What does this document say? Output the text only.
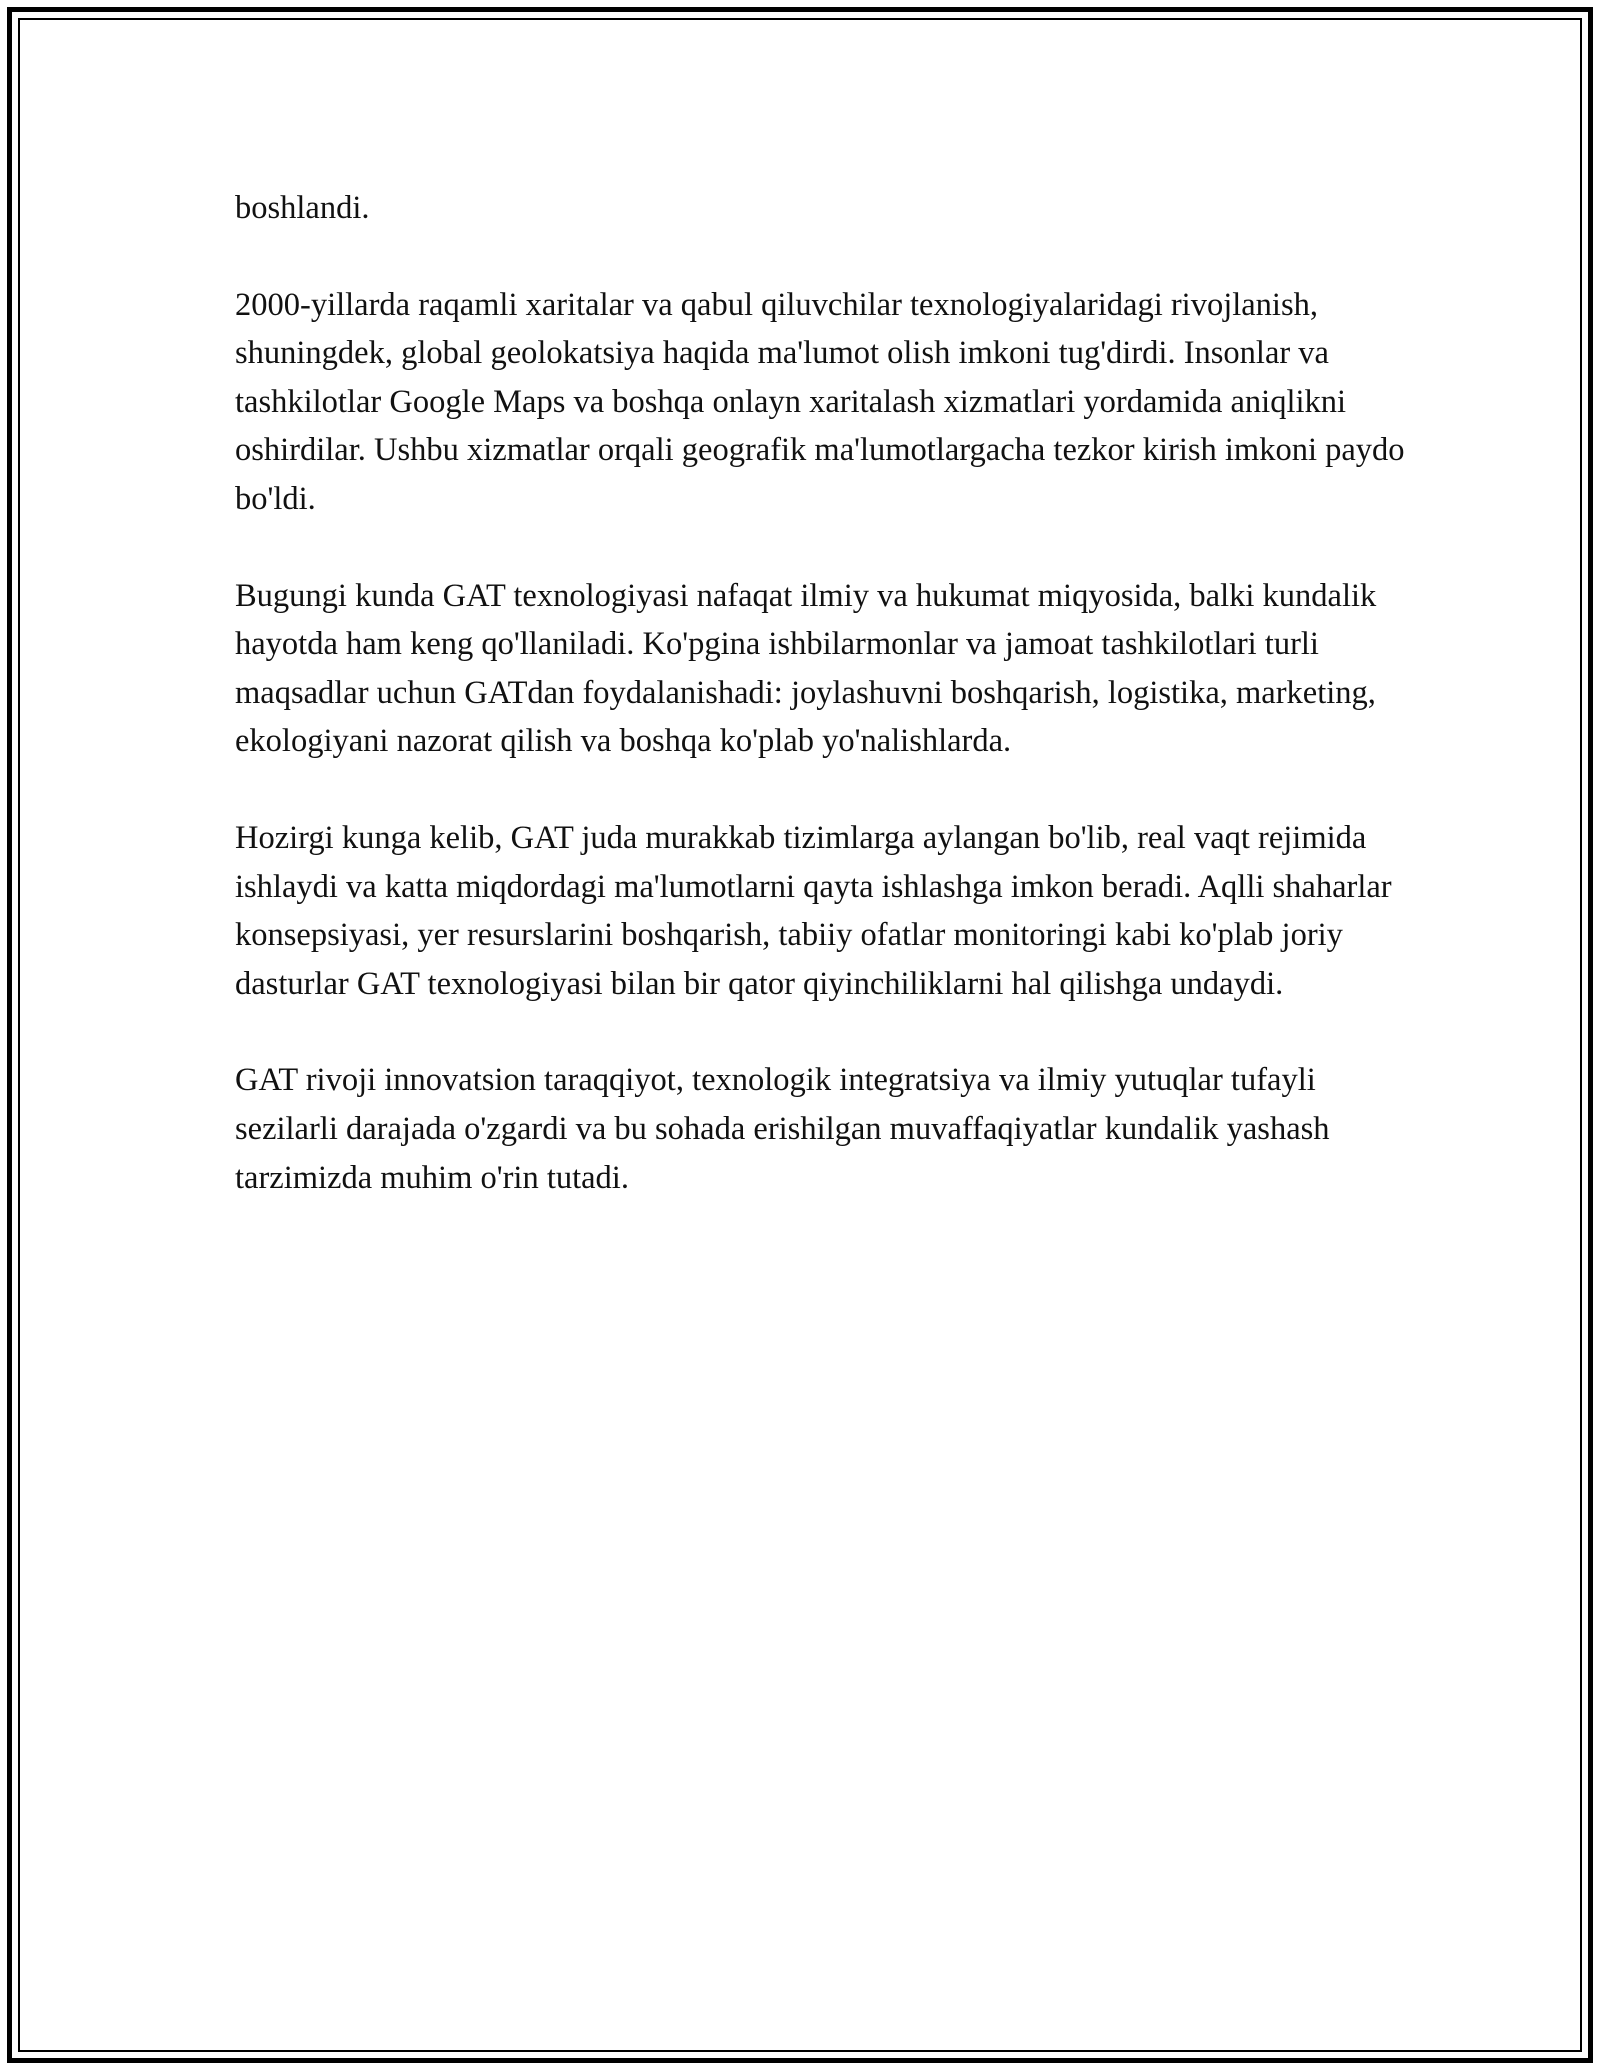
boshlandi.

2000-yillarda raqamli xaritalar va qabul qiluvchilar texnologiyalaridagi rivojlanish, shuningdek, global geolokatsiya haqida ma'lumot olish imkoni tug'dirdi. Insonlar va tashkilotlar Google Maps va boshqa onlayn xaritalash xizmatlari yordamida aniqlikni oshirdilar. Ushbu xizmatlar orqali geografik ma'lumotlargacha tezkor kirish imkoni paydo bo'ldi.

Bugungi kunda GAT texnologiyasi nafaqat ilmiy va hukumat miqyosida, balki kundalik hayotda ham keng qo'llaniladi. Ko'pgina ishbilarmonlar va jamoat tashkilotlari turli maqsadlar uchun GATdan foydalanishadi: joylashuvni boshqarish, logistika, marketing, ekologiyani nazorat qilish va boshqa ko'plab yo'nalishlarda.

Hozirgi kunga kelib, GAT juda murakkab tizimlarga aylangan bo'lib, real vaqt rejimida ishlaydi va katta miqdordagi ma'lumotlarni qayta ishlashga imkon beradi. Aqlli shaharlar konsepsiyasi, yer resurslarini boshqarish, tabiiy ofatlar monitoringi kabi ko'plab joriy dasturlar GAT texnologiyasi bilan bir qator qiyinchiliklarni hal qilishga undaydi.

GAT rivoji innovatsion taraqqiyot, texnologik integratsiya va ilmiy yutuqlar tufayli sezilarli darajada o'zgardi va bu sohada erishilgan muvaffaqiyatlar kundalik yashash tarzimizda muhim o'rin tutadi.
